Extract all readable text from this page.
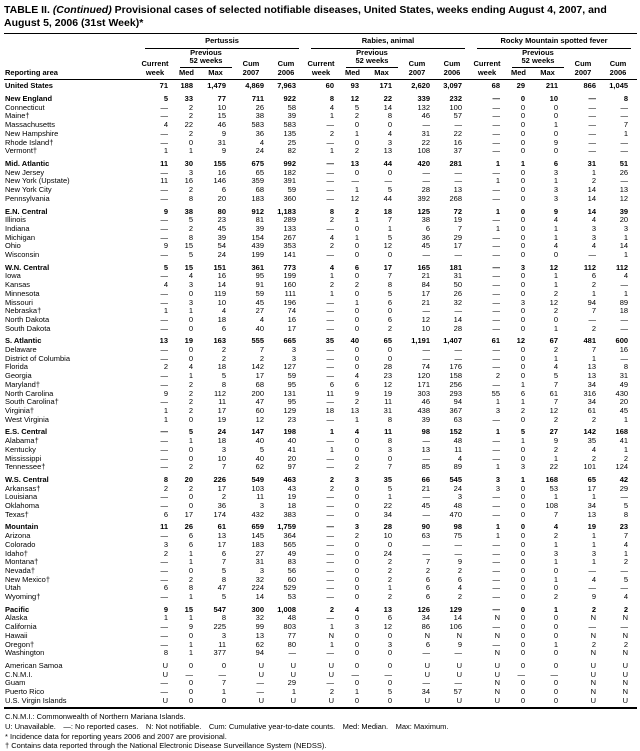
TABLE II. (Continued) Provisional cases of selected notifiable diseases, United States, weeks ending August 4, 2007, and August 5, 2006 (31st Week)*
Reporting area	Pertussis					Rabies, animal					Rocky Mountain spotted fever				

Current
week

Previous
52 weeks	Cum
2007

Cum
2006

Current
week

Previous
52 weeks	Cum
2007

Cum
2006

Current
week

Previous
52 weeks	Cum
2007

Cum
2006

		Med	Max				Med	Max				Med	Max		

United States	71	188	1,479	4,869	7,963	60	93	171	2,620	3,097	68	29	211	866	1,045
New England	5	33	77	711	922	8	12	22	339	232	—	0	10	—	8
Connecticut	—	2	10	26	58	4	5	14	132	100	—	0	0	—	—
Maine†	—	2	15	38	39	1	2	8	46	57	—	0	0	—	—
Massachusetts	4	22	46	583	583	—	0	0	—	—	—	0	1	—	7
New Hampshire	—	2	9	36	135	2	1	4	31	22	—	0	0	—	1
Rhode Island†	—	0	31	4	25	—	0	3	22	16	—	0	9	—	—
Vermont†	1	1	9	24	82	1	2	13	108	37	—	0	0	—	—
Mid. Atlantic	11	30	155	675	992	—	13	44	420	281	1	1	6	31	51
New Jersey	—	3	16	65	182	—	0	0	—	—	—	0	3	1	26
New York (Upstate)	11	16	146	359	391	—	—	—	—	—	1	0	1	2	—
New York City	—	2	6	68	59	—	1	5	28	13	—	0	3	14	13
Pennsylvania	—	8	20	183	360	—	12	44	392	268	—	0	3	14	12
E.N. Central	9	38	80	912	1,183	8	2	18	125	72	1	0	9	14	39
Illinois	—	5	23	81	289	2	1	7	38	19	—	0	4	4	20
Indiana	—	2	45	39	133	—	0	1	6	7	1	0	1	3	3
Michigan	—	8	39	154	267	4	1	5	36	29	—	0	1	3	1
Ohio	9	15	54	439	353	2	0	12	45	17	—	0	4	4	14
Wisconsin	—	5	24	199	141	—	0	0	—	—	—	0	0	—	1
W.N. Central	5	15	151	361	773	4	6	17	165	181	—	3	12	112	112
Iowa	—	4	16	95	199	1	0	7	21	31	—	0	1	6	4
Kansas	4	3	14	91	160	2	2	8	84	50	—	0	1	2	—
Minnesota	—	0	119	59	111	1	0	5	17	26	—	0	2	1	1
Missouri	—	3	10	45	196	—	1	6	21	32	—	3	12	94	89
Nebraska†	1	1	4	27	74	—	0	0	—	—	—	0	2	7	18
North Dakota	—	0	18	4	16	—	0	6	12	14	—	0	0	—	—
South Dakota	—	0	6	40	17	—	0	2	10	28	—	0	1	2	—
S. Atlantic	13	19	163	555	665	35	40	65	1,191	1,407	61	12	67	481	600
Delaware	—	0	2	7	3	—	0	0	—	—	—	0	2	7	16
District of Columbia	—	0	2	2	3	—	0	0	—	—	—	0	1	1	—
Florida	2	4	18	142	127	—	0	28	74	176	—	0	4	13	8
Georgia	—	1	5	17	59	—	4	23	120	158	2	0	5	13	31
Maryland†	—	2	8	68	95	6	6	12	171	256	—	1	7	34	49
North Carolina	9	2	112	200	131	11	9	19	303	293	55	6	61	316	430
South Carolina†	—	2	11	47	95	—	2	11	46	94	1	1	7	34	20
Virginia†	1	2	17	60	129	18	13	31	438	367	3	2	12	61	45
West Virginia	1	0	19	12	23	—	1	8	39	63	—	0	2	2	1
E.S. Central	—	5	24	147	198	1	4	11	98	152	1	5	27	142	168
Alabama†	—	1	18	40	40	—	0	8	—	48	—	1	9	35	41
Kentucky	—	0	3	5	41	1	0	3	13	11	—	0	2	4	1
Mississippi	—	0	10	40	20	—	0	0	—	4	—	0	1	2	2
Tennessee†	—	2	7	62	97	—	2	7	85	89	1	3	22	101	124
W.S. Central	8	20	226	549	463	2	3	35	66	545	3	1	168	65	42
Arkansas†	2	2	17	103	43	2	0	5	21	24	3	0	53	17	29
Louisiana	—	0	2	11	19	—	0	1	—	3	—	0	1	1	—
Oklahoma	—	0	36	3	18	—	0	22	45	48	—	0	108	34	5
Texas†	6	17	174	432	383	—	0	34	—	470	—	0	7	13	8
Mountain	11	26	61	659	1,759	—	3	28	90	98	1	0	4	19	23
Arizona	—	6	13	145	364	—	2	10	63	75	1	0	2	1	7
Colorado	3	6	17	183	565	—	0	0	—	—	—	0	1	1	4
Idaho†	2	1	6	27	49	—	0	24	—	—	—	0	3	3	1
Montana†	—	1	7	31	83	—	0	2	7	9	—	0	1	1	2
Nevada†	—	0	5	3	56	—	0	2	2	2	—	0	0	—	—
New Mexico†	—	2	8	32	60	—	0	2	6	6	—	0	1	4	5
Utah	6	8	47	224	529	—	0	1	6	4	—	0	0	—	—
Wyoming†	—	1	5	14	53	—	0	2	6	2	—	0	2	9	4
Pacific	9	15	547	300	1,008	2	4	13	126	129	—	0	1	2	2
Alaska	1	1	8	32	48	—	0	6	34	14	N	0	0	N	N
California	—	9	225	99	803	1	3	12	86	106	—	0	0	—	—
Hawaii	—	0	3	13	77	N	0	0	N	N	N	0	0	N	N
Oregon†	—	1	11	62	80	1	0	3	6	9	—	0	1	2	2
Washington	8	1	377	94	—	—	0	0	—	—	N	0	0	N	N
American Samoa	U	0	0	U	U	U	0	0	U	U	U	0	0	U	U
C.N.M.I.	U	—	—	U	U	U	—	—	U	U	U	—	—	U	U
Guam	—	0	7	—	29	—	0	0	—	—	N	0	0	N	N
Puerto Rico	—	0	1	—	1	2	1	5	34	57	N	0	0	N	N
U.S. Virgin Islands	U	0	0	U	U	U	0	0	U	U	U	0	0	U	U
C.N.M.I.: Commonwealth of Northern Mariana Islands.
U: Unavailable.  —: No reported cases.  N: Not notifiable.  Cum: Cumulative year-to-date counts.  Med: Median.  Max: Maximum.
* Incidence data for reporting years 2006 and 2007 are provisional.
† Contains data reported through the National Electronic Disease Surveillance System (NEDSS).
